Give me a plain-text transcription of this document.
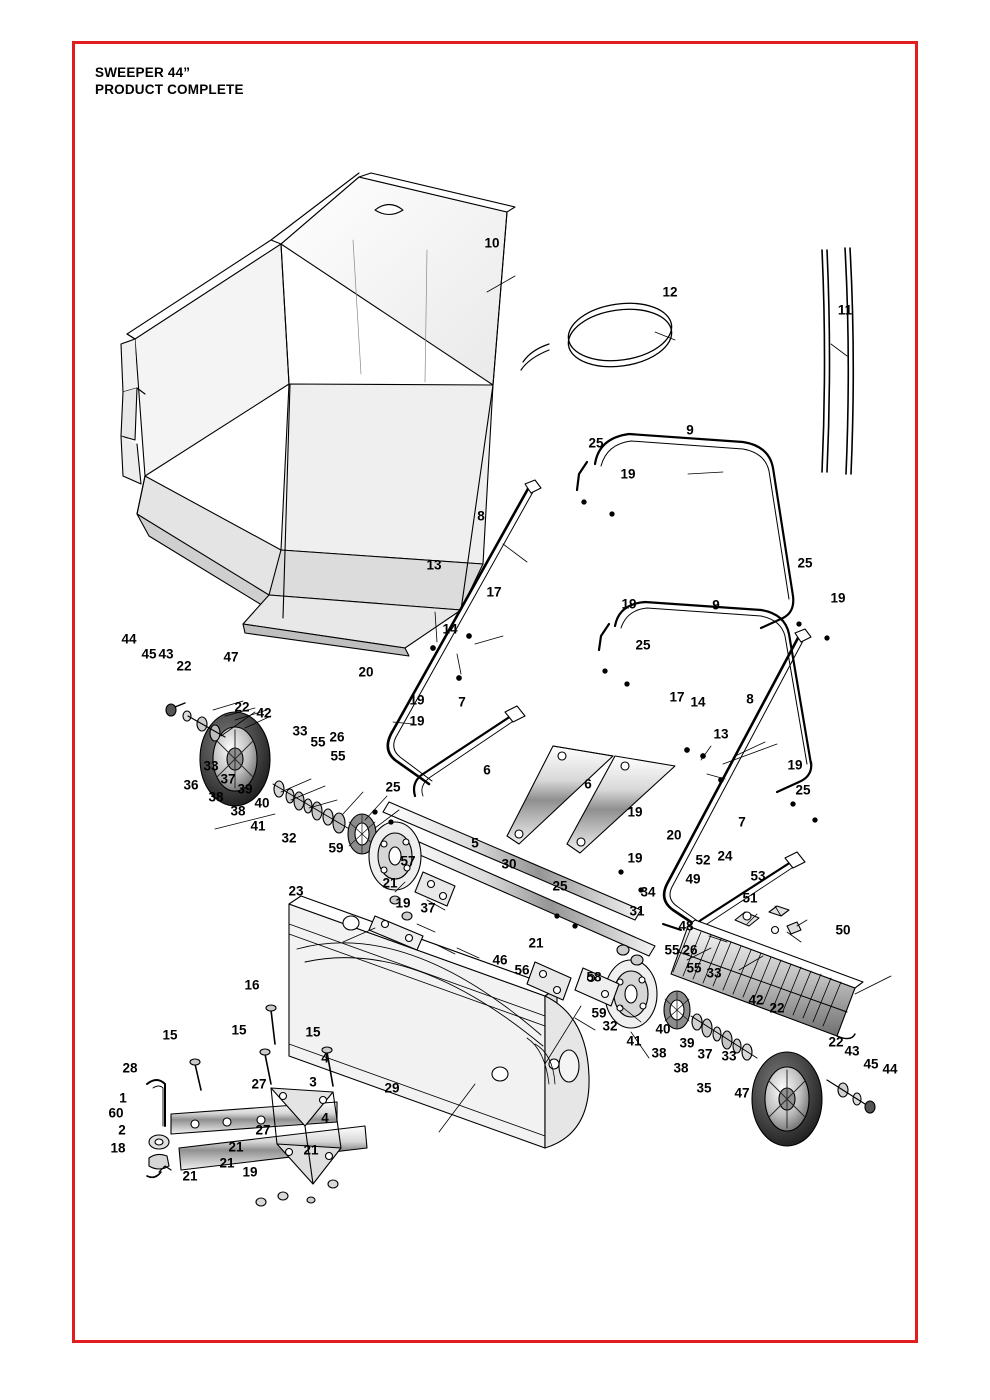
SWEEPER 44”
PRODUCT COMPLETE
10
12
11
9
25
19
8
25
13
17	19
19
14
9
25
44
45 43
22
47
20
17 14	8
7
19
19
22 42
33	13
55 26
55
33
36 37
38
39
38
40
41
32
25
6
6
19
20
19
7
19
25
5
30
25
59
57
21
23
19 37
52 24
49	53
51
34
31
48	50
21
46
56	58
55 26
55 33
59
32
41
40
38
39
38
37 33
35
42
22
22
43
45 44
47
16
15	15	15
28
4
27	3
1
60
2
18
4
27
29
21
21
19
21
21
